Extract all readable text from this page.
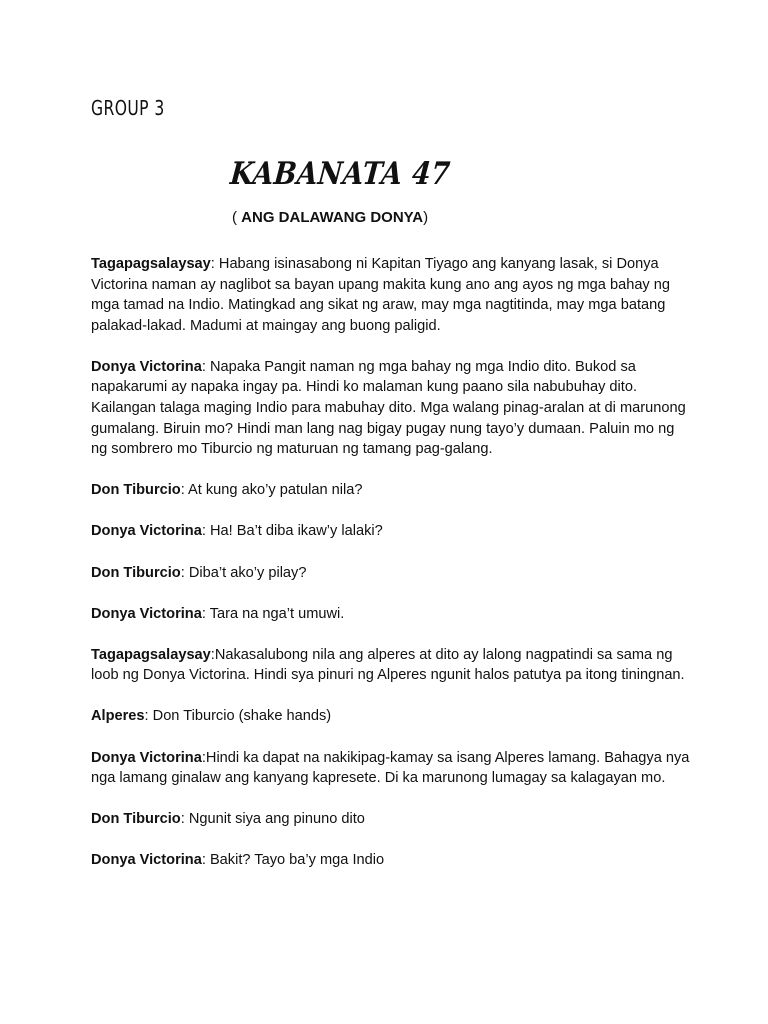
GROUP 3
KABANATA 47

( ANG DALAWANG DONYA)

Tagapagsalaysay: Habang isinasabong ni Kapitan Tiyago ang kanyang lasak, si Donya Victorina naman ay naglibot sa bayan upang makita kung ano ang ayos ng mga bahay ng mga tamad na Indio. Matingkad ang sikat ng araw, may mga nagtitinda, may mga batang palakad-lakad. Madumi at maingay ang buong paligid.

Donya Victorina: Napaka Pangit naman ng mga bahay ng mga Indio dito. Bukod sa napakarumi ay napaka ingay pa. Hindi ko malaman kung paano sila nabubuhay dito. Kailangan talaga maging Indio para mabuhay dito. Mga walang pinag-aralan at di marunong gumalang. Biruin mo? Hindi man lang nag bigay pugay nung tayo’y dumaan. Paluin mo ng ng sombrero mo Tiburcio ng maturuan ng tamang pag-galang.

Don Tiburcio: At kung ako’y patulan nila?

Donya Victorina: Ha! Ba’t diba ikaw’y lalaki?

Don Tiburcio: Diba’t ako’y pilay?

Donya Victorina: Tara na nga’t umuwi.

Tagapagsalaysay:Nakasalubong nila ang alperes at dito ay lalong nagpatindi sa sama ng loob ng Donya Victorina. Hindi sya pinuri ng Alperes ngunit halos patutya pa itong tiningnan.

Alperes: Don Tiburcio (shake hands)

Donya Victorina:Hindi ka dapat na nakikipag-kamay sa isang Alperes lamang. Bahagya nya nga lamang ginalaw ang kanyang kapresete. Di ka marunong lumagay sa kalagayan mo.

Don Tiburcio: Ngunit siya ang pinuno dito

Donya Victorina: Bakit? Tayo ba’y mga Indio
